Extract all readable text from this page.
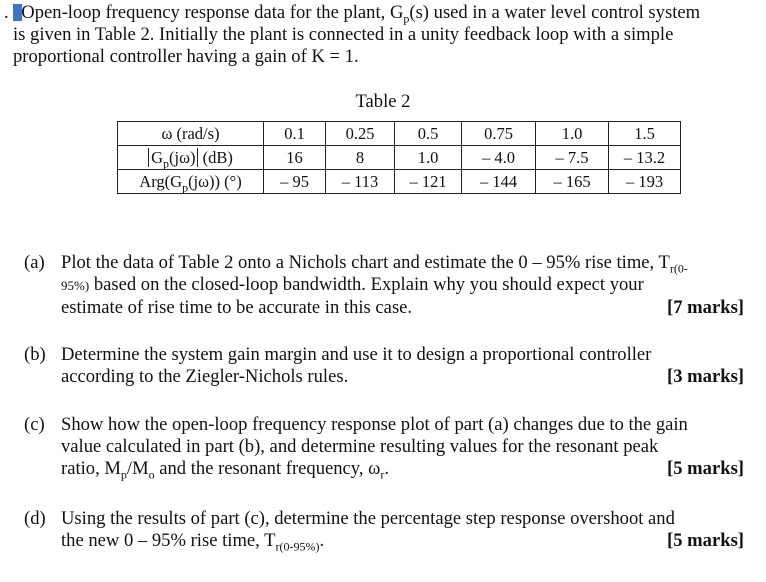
. Open-loop frequency response data for the plant, $G_p(s)$ used in a water level control system
is given in Table 2. Initially the plant is connected in a unity feedback loop with a simple
proportional controller having a gain of K = 1.
Table 2
ω (rad/s)	0.1	0.25	0.5	0.75	1.0	1.5
$G_p(j\omega)$ (dB)	16	8	1.0	– 4.0	– 7.5	– 13.2
$Arg(G_p(j\omega))$ (°)	– 95	– 113	– 121	– 144	– 165	– 193
(a) Plot the data of Table 2 onto a Nichols chart and estimate the 0 – 95% rise time, $T_{r(0-}$
95%) based on the closed-loop bandwidth. Explain why you should expect your
estimate of rise time to be accurate in this case.	[7 marks]
(b) Determine the system gain margin and use it to design a proportional controller
according to the Ziegler-Nichols rules.	[3 marks]
(c) Show how the open-loop frequency response plot of part (a) changes due to the gain
value calculated in part (b), and determine resulting values for the resonant peak
ratio, $M_p/M_o$ and the resonant frequency, $\omega_r$.	[5 marks]
(d) Using the results of part (c), determine the percentage step response overshoot and
the new 0 – 95% rise time, $T_{r(0-95\%)}$.	[5 marks]
